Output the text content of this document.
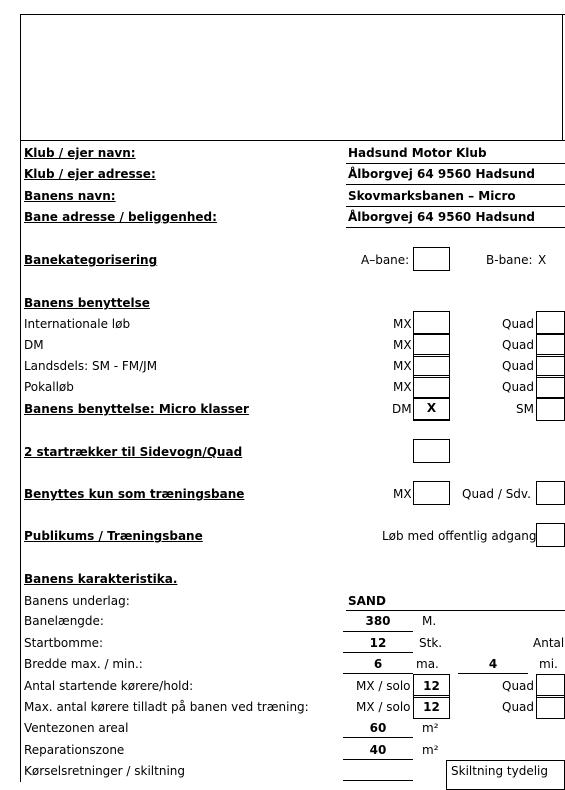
Klub / ejer navn:	Hadsund Motor Klub
Klub / ejer adresse:	Ålborgvej 64 9560 Hadsund
Banens navn:	Skovmarksbanen – Micro
Bane adresse / beliggenhed:	Ålborgvej 64 9560 Hadsund
Banekategorisering	A–bane:	B-bane: X
Banens benyttelse
Internationale løb	MX	Quad
DM	MX	Quad
Landsdels: SM - FM/JM	MX	Quad
Pokalløb	MX	Quad
Banens benyttelse: Micro klasser	DM	X	SM
2 startrækker til Sidevogn/Quad
Benyttes kun som træningsbane	MX	Quad / Sdv.
Publikums / Træningsbane	Løb med offentlig adgang
Banens karakteristika.
Banens underlag:	SAND
Banelængde:	380	M.
Startbomme:	12	Stk.	Antal
Bredde max. / min.:	6	ma.	4	mi.
Antal startende kørere/hold:	MX / solo	12	Quad
Max. antal kørere tilladt på banen ved træning:	MX / solo	12	Quad
Ventezonen areal	60	m²
Reparationszone	40	m²
Kørselsretninger / skiltning	Skiltning tydelig
